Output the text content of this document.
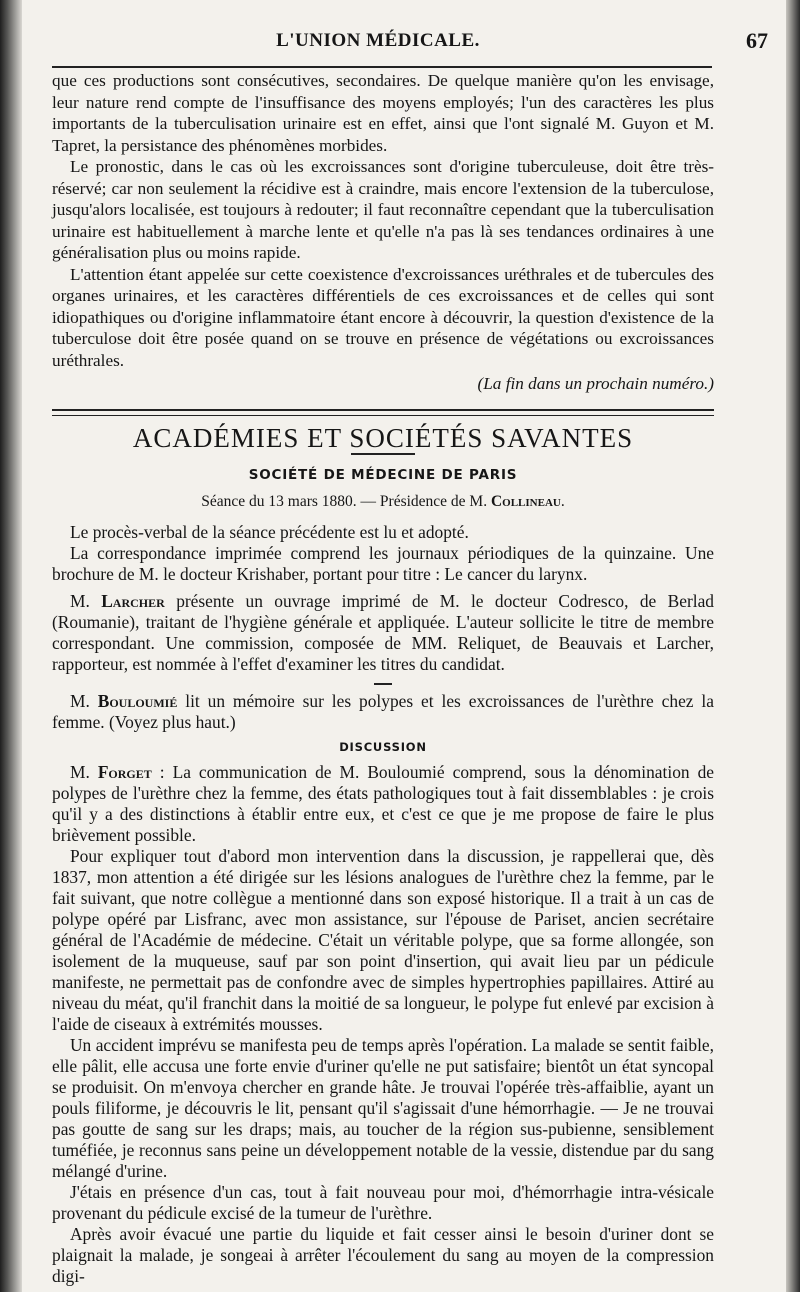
L'UNION MÉDICALE.	67

que ces productions sont consécutives, secondaires. De quelque manière qu'on les envisage, leur nature rend compte de l'insuffisance des moyens employés; l'un des caractères les plus importants de la tuberculisation urinaire est en effet, ainsi que l'ont signalé M. Guyon et M. Tapret, la persistance des phénomènes morbides.

Le pronostic, dans le cas où les excroissances sont d'origine tuberculeuse, doit être très-réservé; car non seulement la récidive est à craindre, mais encore l'extension de la tuberculose, jusqu'alors localisée, est toujours à redouter; il faut reconnaître cependant que la tuberculisation urinaire est habituellement à marche lente et qu'elle n'a pas là ses tendances ordinaires à une généralisation plus ou moins rapide.

L'attention étant appelée sur cette coexistence d'excroissances uréthrales et de tubercules des organes urinaires, et les caractères différentiels de ces excroissances et de celles qui sont idiopathiques ou d'origine inflammatoire étant encore à découvrir, la question d'existence de la tuberculose doit être posée quand on se trouve en présence de végétations ou excroissances uréthrales.

(La fin dans un prochain numéro.)

ACADÉMIES ET SOCIÉTÉS SAVANTES

SOCIÉTÉ DE MÉDECINE DE PARIS

Séance du 13 mars 1880. — Présidence de M. Collineau.

Le procès-verbal de la séance précédente est lu et adopté.

La correspondance imprimée comprend les journaux périodiques de la quinzaine. Une brochure de M. le docteur Krishaber, portant pour titre : Le cancer du larynx.

M. Larcher présente un ouvrage imprimé de M. le docteur Codresco, de Berlad (Roumanie), traitant de l'hygiène générale et appliquée. L'auteur sollicite le titre de membre correspondant. Une commission, composée de MM. Reliquet, de Beauvais et Larcher, rapporteur, est nommée à l'effet d'examiner les titres du candidat.

M. Bouloumié lit un mémoire sur les polypes et les excroissances de l'urèthre chez la femme. (Voyez plus haut.)

DISCUSSION

M. Forget : La communication de M. Bouloumié comprend, sous la dénomination de polypes de l'urèthre chez la femme, des états pathologiques tout à fait dissemblables : je crois qu'il y a des distinctions à établir entre eux, et c'est ce que je me propose de faire le plus brièvement possible.

Pour expliquer tout d'abord mon intervention dans la discussion, je rappellerai que, dès 1837, mon attention a été dirigée sur les lésions analogues de l'urèthre chez la femme, par le fait suivant, que notre collègue a mentionné dans son exposé historique. Il a trait à un cas de polype opéré par Lisfranc, avec mon assistance, sur l'épouse de Pariset, ancien secrétaire général de l'Académie de médecine. C'était un véritable polype, que sa forme allongée, son isolement de la muqueuse, sauf par son point d'insertion, qui avait lieu par un pédicule manifeste, ne permettait pas de confondre avec de simples hypertrophies papillaires. Attiré au niveau du méat, qu'il franchit dans la moitié de sa longueur, le polype fut enlevé par excision à l'aide de ciseaux à extrémités mousses.

Un accident imprévu se manifesta peu de temps après l'opération. La malade se sentit faible, elle pâlit, elle accusa une forte envie d'uriner qu'elle ne put satisfaire; bientôt un état syncopal se produisit. On m'envoya chercher en grande hâte. Je trouvai l'opérée très-affaiblie, ayant un pouls filiforme, je découvris le lit, pensant qu'il s'agissait d'une hémorrhagie. — Je ne trouvai pas goutte de sang sur les draps; mais, au toucher de la région sus-pubienne, sensiblement tuméfiée, je reconnus sans peine un développement notable de la vessie, distendue par du sang mélangé d'urine.

J'étais en présence d'un cas, tout à fait nouveau pour moi, d'hémorrhagie intra-vésicale provenant du pédicule excisé de la tumeur de l'urèthre.

Après avoir évacué une partie du liquide et fait cesser ainsi le besoin d'uriner dont se plaignait la malade, je songeai à arrêter l'écoulement du sang au moyen de la compression digi-
